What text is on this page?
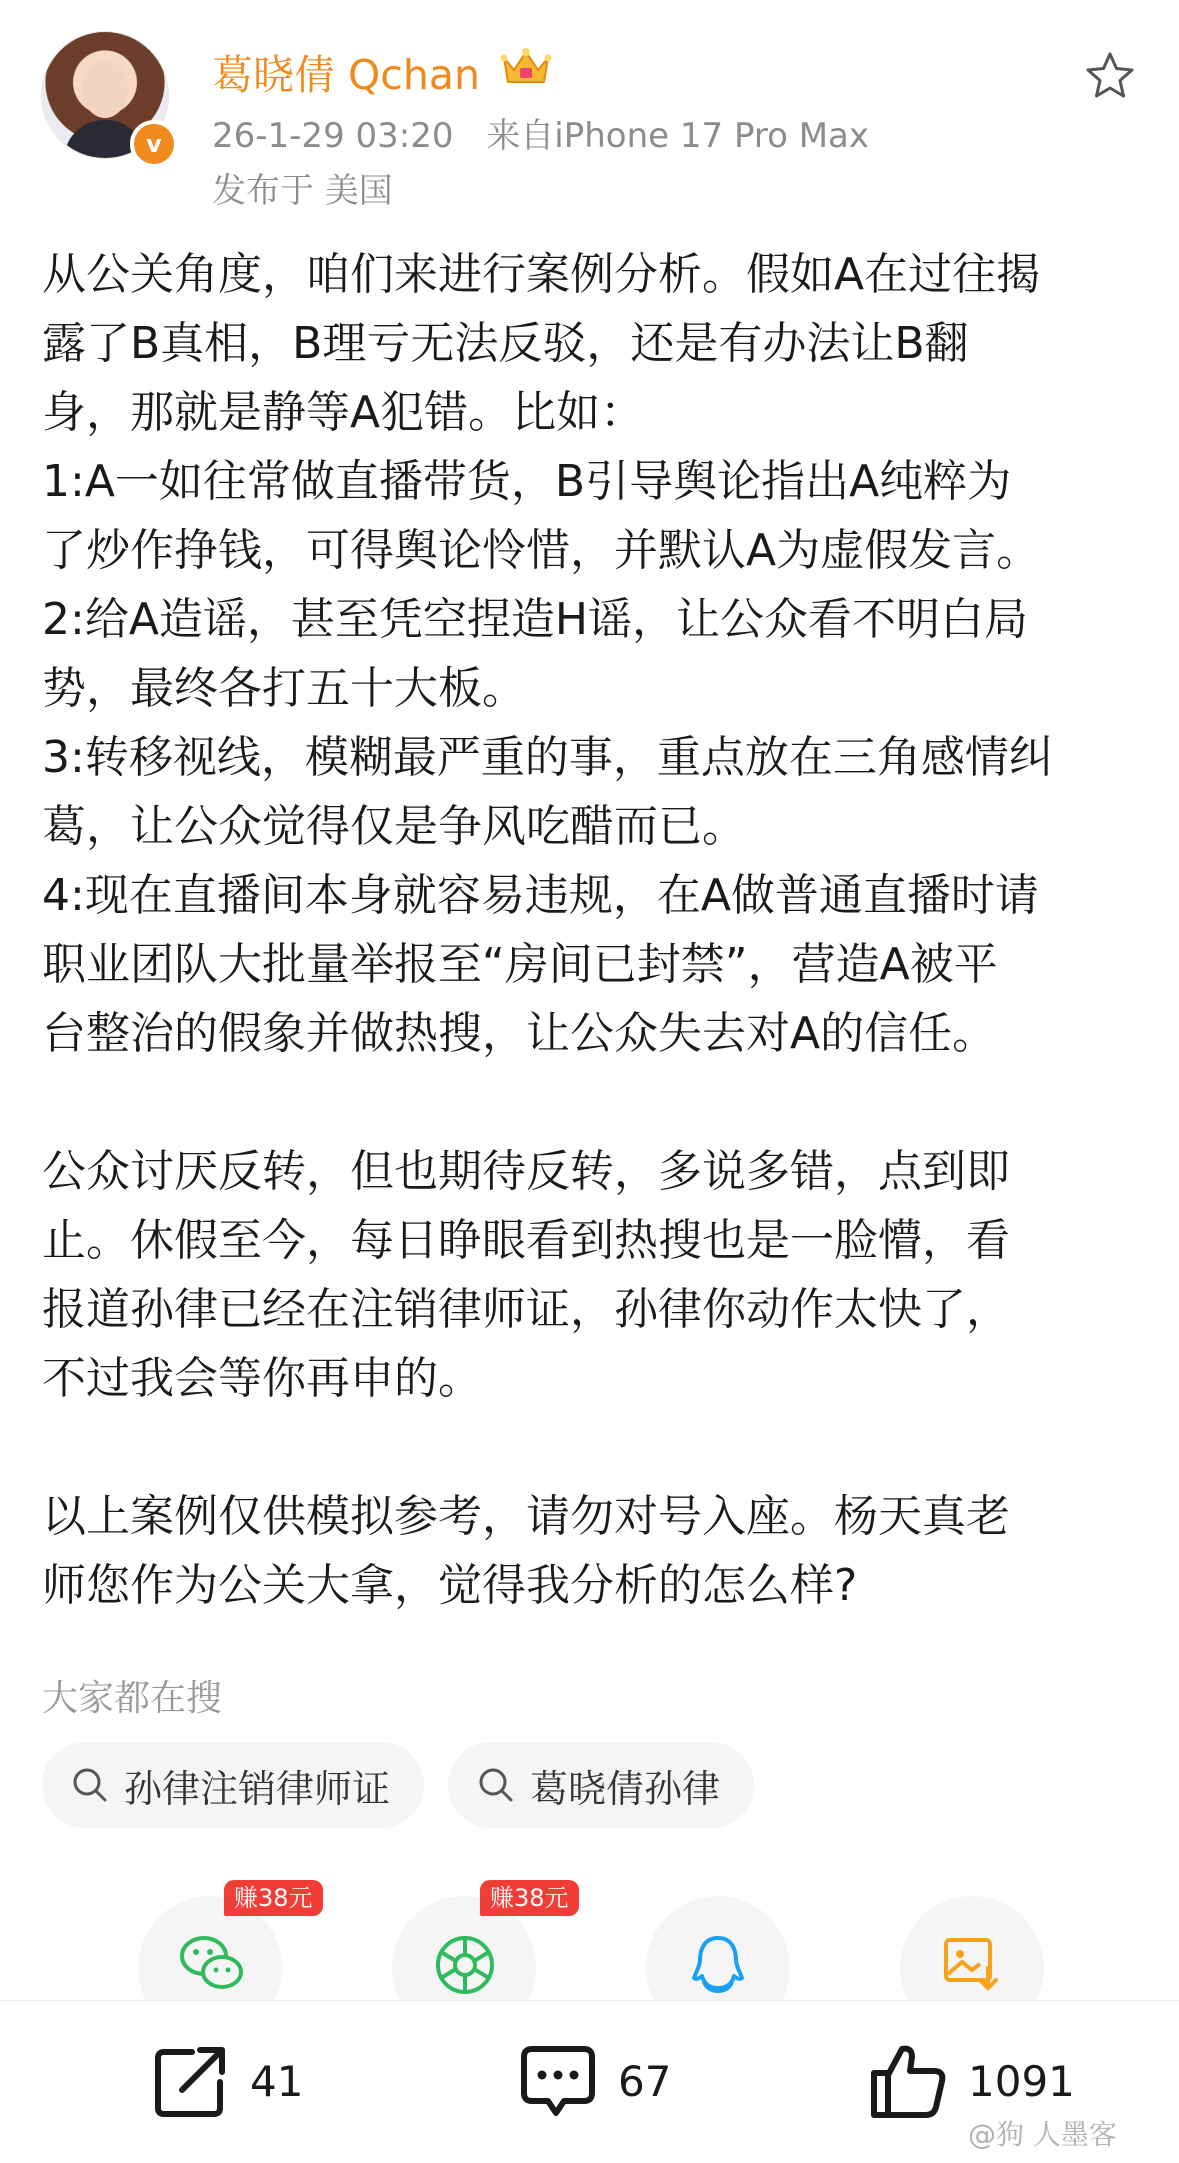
v
葛晓倩 Qchan
26-1-29 03:20 来自iPhone 17 Pro Max
发布于 美国

从公关角度，咱们来进行案例分析。假如A在过往揭

露了B真相，B理亏无法反驳，还是有办法让B翻

身，那就是静等A犯错。比如：

1:A一如往常做直播带货，B引导舆论指出A纯粹为

了炒作挣钱，可得舆论怜惜，并默认A为虚假发言。

2:给A造谣，甚至凭空捏造H谣，让公众看不明白局

势，最终各打五十大板。

3:转移视线，模糊最严重的事，重点放在三角感情纠

葛，让公众觉得仅是争风吃醋而已。

4:现在直播间本身就容易违规，在A做普通直播时请

职业团队大批量举报至“房间已封禁”，营造A被平

台整治的假象并做热搜，让公众失去对A的信任。

公众讨厌反转，但也期待反转，多说多错，点到即

止。休假至今，每日睁眼看到热搜也是一脸懵，看

报道孙律已经在注销律师证，孙律你动作太快了，

不过我会等你再申的。

以上案例仅供模拟参考，请勿对号入座。杨天真老

师您作为公关大拿，觉得我分析的怎么样?

大家都在搜
孙律注销律师证	葛晓倩孙律
赚38元	赚38元
41	67	1091
@狗 人墨客
